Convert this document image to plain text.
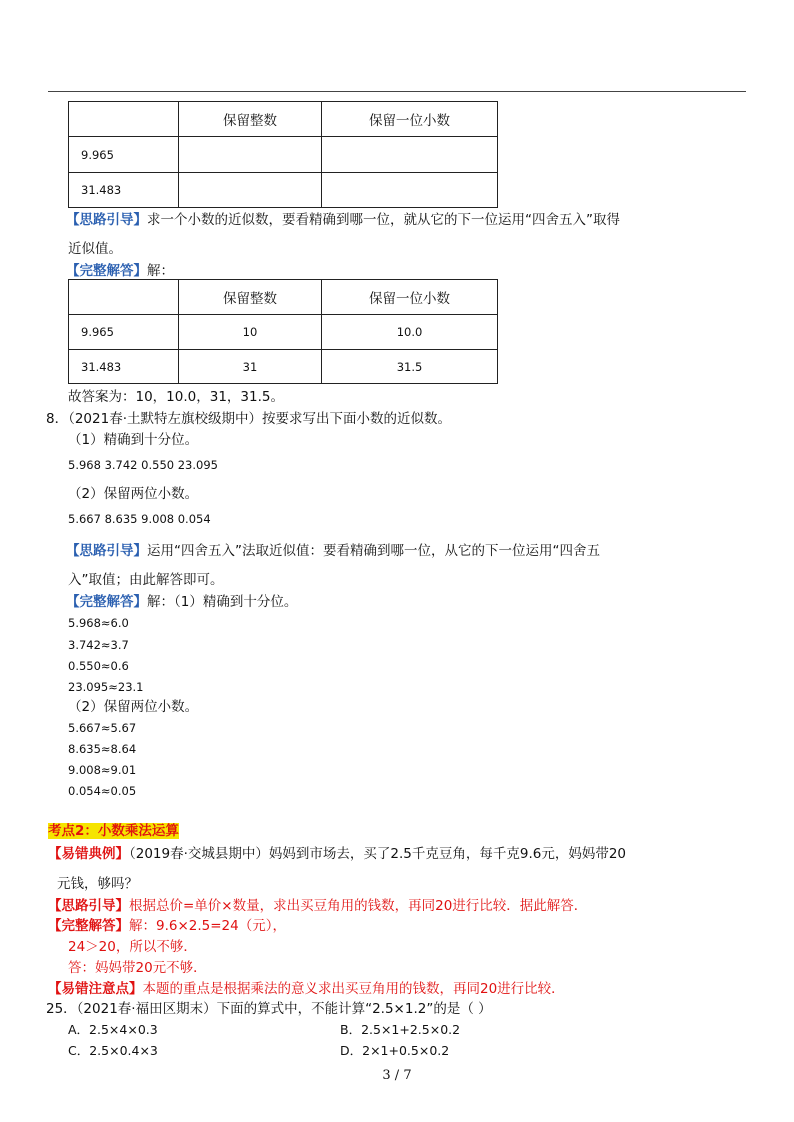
	保留整数	保留一位小数
9.965		
31.483		
【思路引导】求一个小数的近似数，要看精确到哪一位，就从它的下一位运用“四舍五入”取得
近似值。
【完整解答】解：
	保留整数	保留一位小数
9.965	10	10.0
31.483	31	31.5
故答案为：10，10.0，31，31.5。
8．（2021春·土默特左旗校级期中）按要求写出下面小数的近似数。
（1）精确到十分位。
5.968 3.742 0.550 23.095
（2）保留两位小数。
5.667 8.635 9.008 0.054
【思路引导】运用“四舍五入”法取近似值：要看精确到哪一位，从它的下一位运用“四舍五
入”取值；由此解答即可。
【完整解答】解：（1）精确到十分位。
5.968≈6.0
3.742≈3.7
0.550≈0.6
23.095≈23.1
（2）保留两位小数。
5.667≈5.67
8.635≈8.64
9.008≈9.01
0.054≈0.05
考点2：小数乘法运算
【易错典例】（2019春·交城县期中）妈妈到市场去，买了2.5千克豆角，每千克9.6元，妈妈带20
元钱，够吗？
【思路引导】根据总价=单价×数量，求出买豆角用的钱数，再同20进行比较．据此解答．
【完整解答】解：9.6×2.5=24（元），
24＞20，所以不够．
答：妈妈带20元不够．
【易错注意点】本题的重点是根据乘法的意义求出买豆角用的钱数，再同20进行比较．
25．（2021春·福田区期末）下面的算式中，不能计算“2.5×1.2”的是（ ）
A．2.5×4×0.3	B．2.5×1+2.5×0.2
C．2.5×0.4×3	D．2×1+0.5×0.2
3 / 7
